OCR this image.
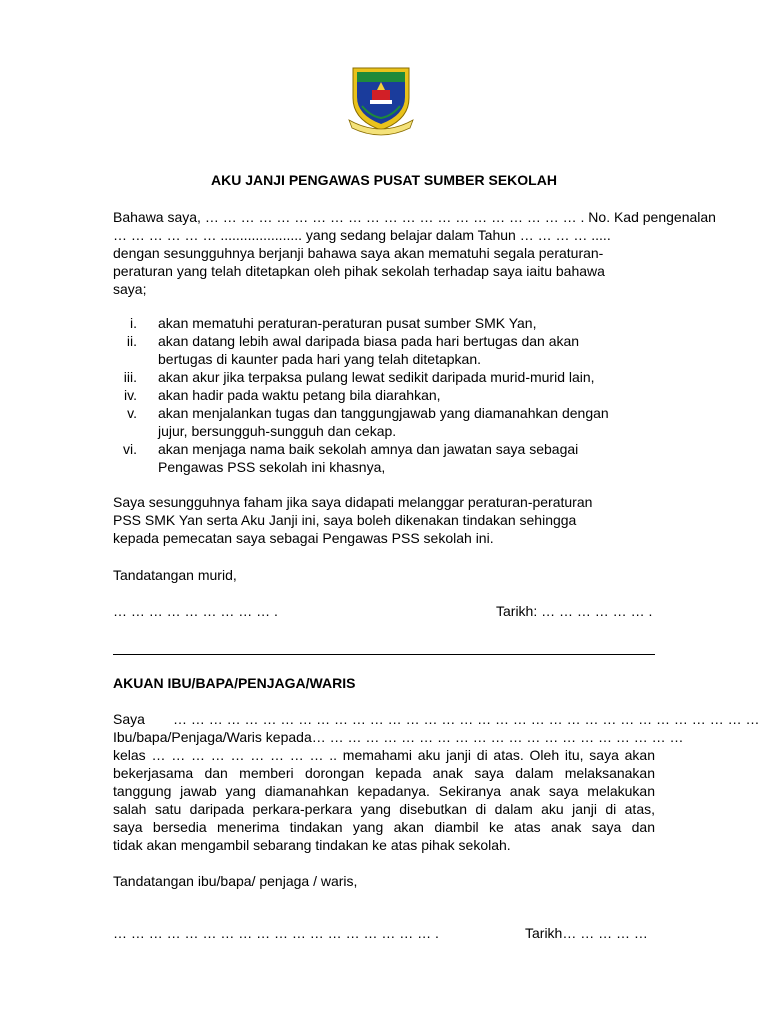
AKU JANJI PENGAWAS PUSAT SUMBER SEKOLAH
Bahawa saya, … … … … … … … … … … … … … … … … … … … … … . No. Kad pengenalan
… … … … … … ..................... yang sedang belajar dalam Tahun … … … … .....
dengan sesungguhnya berjanji bahawa saya akan mematuhi segala peraturan-
peraturan yang telah ditetapkan oleh pihak sekolah terhadap saya iaitu bahawa
saya;
i. akan mematuhi peraturan-peraturan pusat sumber SMK Yan,
ii. akan datang lebih awal daripada biasa pada hari bertugas dan akan
bertugas di kaunter pada hari yang telah ditetapkan.
iii. akan akur jika terpaksa pulang lewat sedikit daripada murid-murid lain,
iv. akan hadir pada waktu petang bila diarahkan,
v. akan menjalankan tugas dan tanggungjawab yang diamanahkan dengan
jujur, bersungguh-sungguh dan cekap.
vi. akan menjaga nama baik sekolah amnya dan jawatan saya sebagai
Pengawas PSS sekolah ini khasnya,
Saya sesungguhnya faham jika saya didapati melanggar peraturan-peraturan
PSS SMK Yan serta Aku Janji ini, saya boleh dikenakan tindakan sehingga
kepada pemecatan saya sebagai Pengawas PSS sekolah ini.
Tandatangan murid,
… … … … … … … … … .	Tarikh: … … … … … … .
AKUAN IBU/BAPA/PENJAGA/WARIS
Saya … … … … … … … … … … … … … … … … … … … … … … … … … … … … … … … … …
Ibu/bapa/Penjaga/Waris kepada… … … … … … … … … … … … … … … … … … … … …
kelas … … … … … … … … … .. memahami aku janji di atas. Oleh itu, saya akan
bekerjasama dan memberi dorongan kepada anak saya dalam melaksanakan
tanggung jawab yang diamanahkan kepadanya. Sekiranya anak saya melakukan
salah satu daripada perkara-perkara yang disebutkan di dalam aku janji di atas,
saya bersedia menerima tindakan yang akan diambil ke atas anak saya dan
tidak akan mengambil sebarang tindakan ke atas pihak sekolah.
Tandatangan ibu/bapa/ penjaga / waris,
… … … … … … … … … … … … … … … … … … .	Tarikh… … … … …
